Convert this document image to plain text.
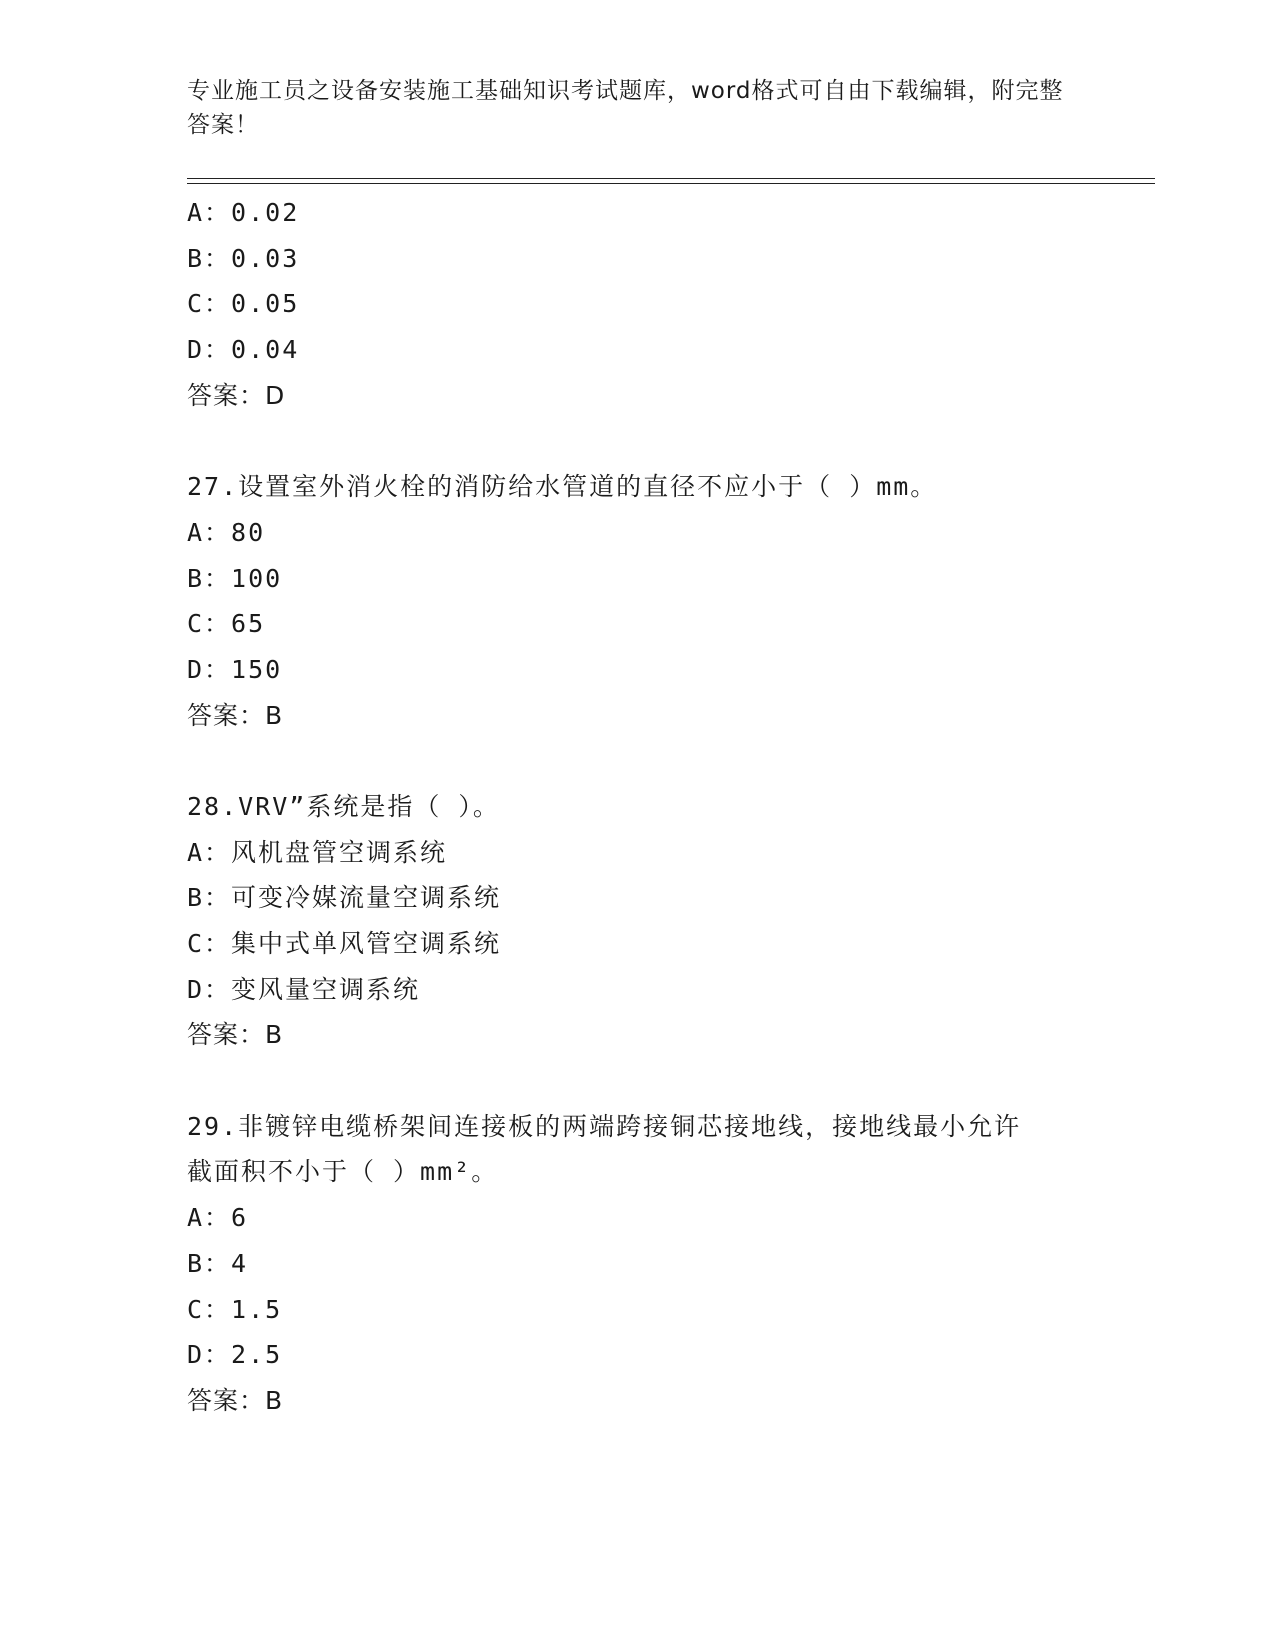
专业施工员之设备安装施工基础知识考试题库，word格式可自由下载编辑，附完整答案！
A：0.02
B：0.03
C：0.05
D：0.04
答案：D
27.设置室外消火栓的消防给水管道的直径不应小于（ ）mm。
A：80
B：100
C：65
D：150
答案：B
28.VRV”系统是指（ ）。
A：风机盘管空调系统
B：可变冷媒流量空调系统
C：集中式单风管空调系统
D：变风量空调系统
答案：B
29.非镀锌电缆桥架间连接板的两端跨接铜芯接地线，接地线最小允许
截面积不小于（ ）mm²。
A：6
B：4
C：1.5
D：2.5
答案：B
